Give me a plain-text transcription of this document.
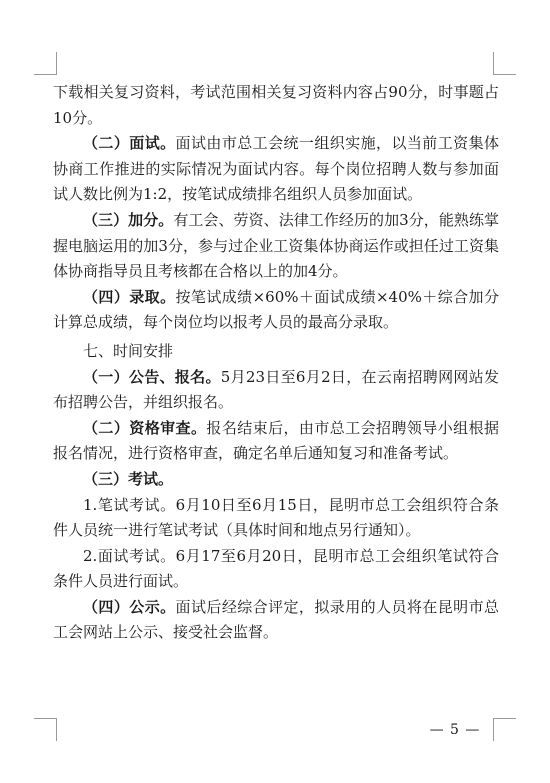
下载相关复习资料，考试范围相关复习资料内容占90分，时事题占10分。

（二）面试。面试由市总工会统一组织实施，以当前工资集体协商工作推进的实际情况为面试内容。每个岗位招聘人数与参加面试人数比例为1:2，按笔试成绩排名组织人员参加面试。

（三）加分。有工会、劳资、法律工作经历的加3分，能熟练掌握电脑运用的加3分，参与过企业工资集体协商运作或担任过工资集体协商指导员且考核都在合格以上的加4分。

（四）录取。按笔试成绩×60%＋面试成绩×40%＋综合加分计算总成绩，每个岗位均以报考人员的最高分录取。

七、时间安排

（一）公告、报名。5月23日至6月2日，在云南招聘网网站发布招聘公告，并组织报名。

（二）资格审查。报名结束后，由市总工会招聘领导小组根据报名情况，进行资格审查，确定名单后通知复习和准备考试。

（三）考试。

1.笔试考试。6月10日至6月15日，昆明市总工会组织符合条件人员统一进行笔试考试（具体时间和地点另行通知）。

2.面试考试。6月17至6月20日，昆明市总工会组织笔试符合条件人员进行面试。

（四）公示。面试后经综合评定，拟录用的人员将在昆明市总工会网站上公示、接受社会监督。

— 5 —
